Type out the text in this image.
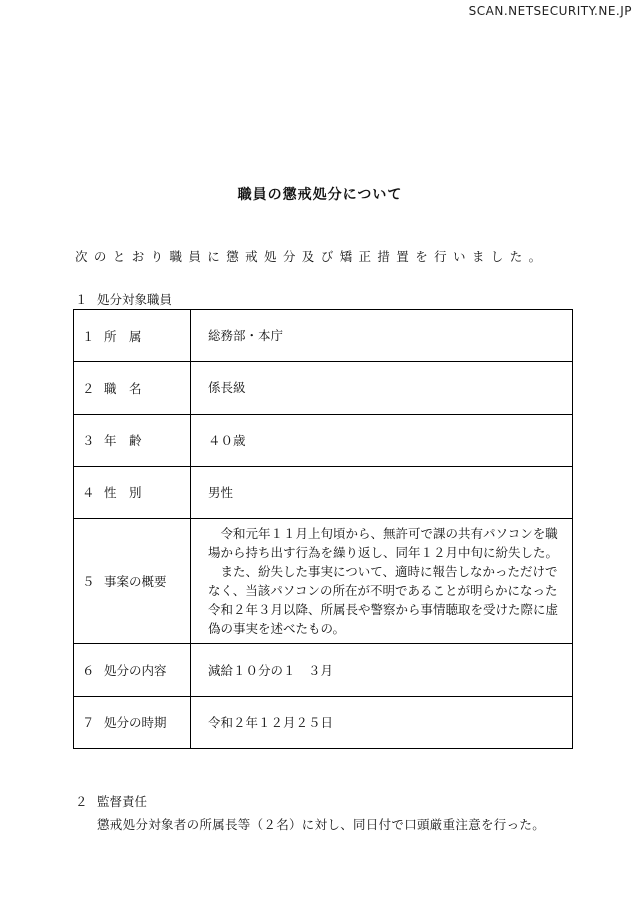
SCAN.NETSECURITY.NE.JP
職員の懲戒処分について
次のとおり職員に懲戒処分及び矯正措置を行いました。
１ 処分対象職員
１ 所　属	総務部・本庁
２ 職　名	係長級
３ 年　齢	４０歳
４ 性　別	男性
５ 事案の概要	令和元年１１月上旬頃から、無許可で課の共有パソコンを職場から持ち出す行為を繰り返し、同年１２月中旬に紛失した。
また、紛失した事実について、適時に報告しなかっただけでなく、当該パソコンの所在が不明であることが明らかになった令和２年３月以降、所属長や警察から事情聴取を受けた際に虚偽の事実を述べたもの。

６ 処分の内容	減給１０分の１　３月
７ 処分の時期	令和２年１２月２５日
２ 監督責任
懲戒処分対象者の所属長等（２名）に対し、同日付で口頭厳重注意を行った。
